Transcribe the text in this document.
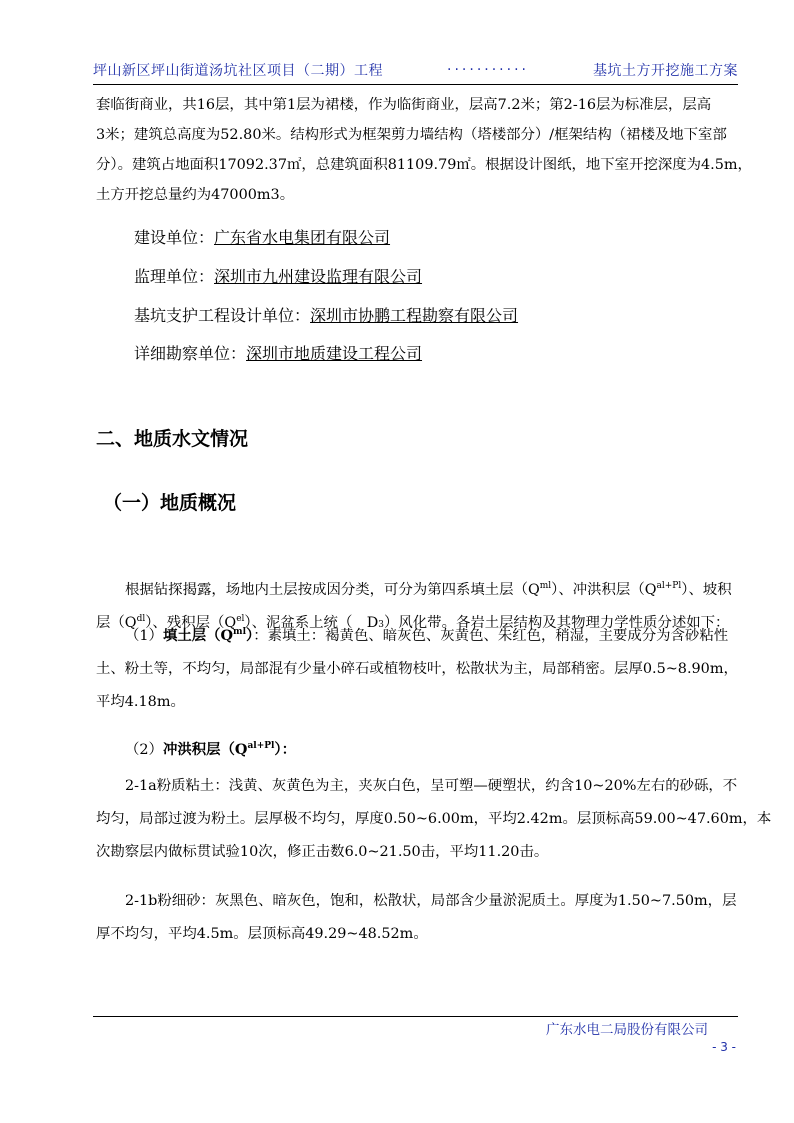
坪山新区坪山街道汤坑社区项目（二期）工程	···········	基坑土方开挖施工方案
套临街商业，共16层，其中第1层为裙楼，作为临街商业，层高7.2米；第2-16层为标准层，层高
3米；建筑总高度为52.80米。结构形式为框架剪力墙结构（塔楼部分）/框架结构（裙楼及地下室部
分）。建筑占地面积17092.37㎡，总建筑面积81109.79㎡。根据设计图纸，地下室开挖深度为4.5m，
土方开挖总量约为47000m3。
建设单位：广东省水电集团有限公司
监理单位：深圳市九州建设监理有限公司
基坑支护工程设计单位：深圳市协鹏工程勘察有限公司
详细勘察单位：深圳市地质建设工程公司
二、地质水文情况
（一）地质概况
根据钻探揭露，场地内土层按成因分类，可分为第四系填土层$(Q^{ml})$、冲洪积层$(Q^{al+Pl})$、坡积
层$(Q^{dl})$、残积层$(Q^{el})$、泥盆系上统（　D3）风化带。各岩土层结构及其物理力学性质分述如下：
（1）填土层$(Q^{ml})$：素填土：褐黄色、暗灰色、灰黄色、朱红色，稍湿，主要成分为含砂粘性
土、粉土等，不均匀，局部混有少量小碎石或植物枝叶，松散状为主，局部稍密。层厚0.5~8.90m，
平均4.18m。
（2）冲洪积层$(Q^{al+Pl})$：
2-1a粉质粘土：浅黄、灰黄色为主，夹灰白色，呈可塑—硬塑状，约含10~20%左右的砂砾，不
均匀，局部过渡为粉土。层厚极不均匀，厚度0.50~6.00m，平均2.42m。层顶标高59.00~47.60m，本
次勘察层内做标贯试验10次，修正击数6.0~21.50击，平均11.20击。
2-1b粉细砂：灰黑色、暗灰色，饱和，松散状，局部含少量淤泥质土。厚度为1.50~7.50m，层
厚不均匀，平均4.5m。层顶标高49.29~48.52m。
广东水电二局股份有限公司
- 3 -
